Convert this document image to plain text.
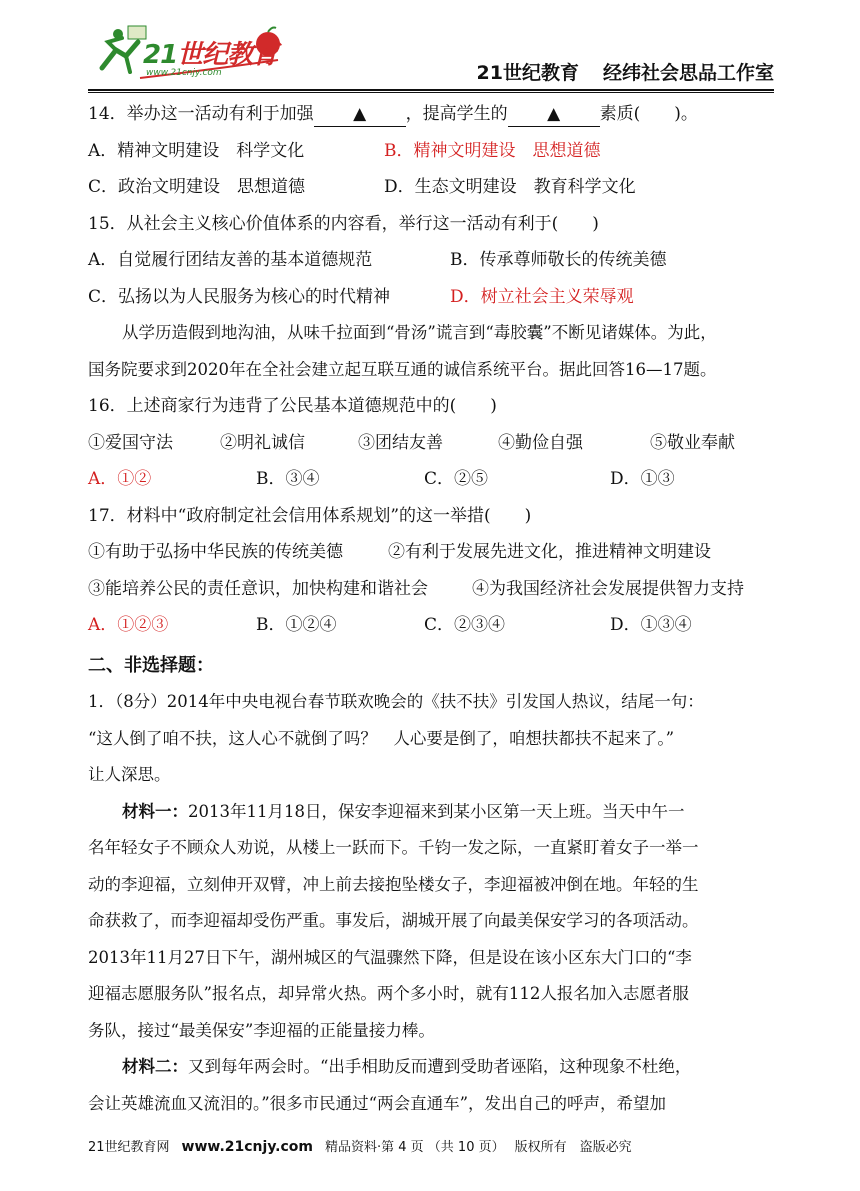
21世纪教育
www.21cnjy.com	21世纪教育 经纬社会思品工作室
14．举办这一活动有利于加强 ▲ ，提高学生的 ▲ 素质(　　)。
A．精神文明建设　科学文化	B．精神文明建设　思想道德
C．政治文明建设　思想道德	D．生态文明建设　教育科学文化
15．从社会主义核心价值体系的内容看，举行这一活动有利于(　　)
A．自觉履行团结友善的基本道德规范	B．传承尊师敬长的传统美德
C．弘扬以为人民服务为核心的时代精神	D．树立社会主义荣辱观
从学历造假到地沟油，从味千拉面到“骨汤”谎言到“毒胶囊”不断见诸媒体。为此，
国务院要求到2020年在全社会建立起互联互通的诚信系统平台。据此回答16—17题。
16．上述商家行为违背了公民基本道德规范中的(　　)
①爱国守法	②明礼诚信	③团结友善	④勤俭自强	⑤敬业奉献
A．①②	B．③④	C．②⑤	D．①③
17．材料中“政府制定社会信用体系规划”的这一举措(　　)
①有助于弘扬中华民族的传统美德	②有利于发展先进文化，推进精神文明建设
③能培养公民的责任意识，加快构建和谐社会	④为我国经济社会发展提供智力支持
A．①②③	B．①②④	C．②③④	D．①③④
二、非选择题：
1．（8分）2014年中央电视台春节联欢晚会的《扶不扶》引发国人热议，结尾一句：
“这人倒了咱不扶，这人心不就倒了吗？　人心要是倒了，咱想扶都扶不起来了。”
让人深思。
材料一：2013年11月18日，保安李迎福来到某小区第一天上班。当天中午一
名年轻女子不顾众人劝说，从楼上一跃而下。千钧一发之际，一直紧盯着女子一举一
动的李迎福，立刻伸开双臂，冲上前去接抱坠楼女子，李迎福被冲倒在地。年轻的生
命获救了，而李迎福却受伤严重。事发后，湖城开展了向最美保安学习的各项活动。
2013年11月27日下午，湖州城区的气温骤然下降，但是设在该小区东大门口的“李
迎福志愿服务队”报名点，却异常火热。两个多小时，就有112人报名加入志愿者服
务队，接过“最美保安”李迎福的正能量接力棒。
材料二：又到每年两会时。“出手相助反而遭到受助者诬陷，这种现象不杜绝，
会让英雄流血又流泪的。”很多市民通过“两会直通车”，发出自己的呼声，希望加
21世纪教育网 www.21cnjy.com 精品资料·第 4 页 （共 10 页） 版权所有　盗版必究
